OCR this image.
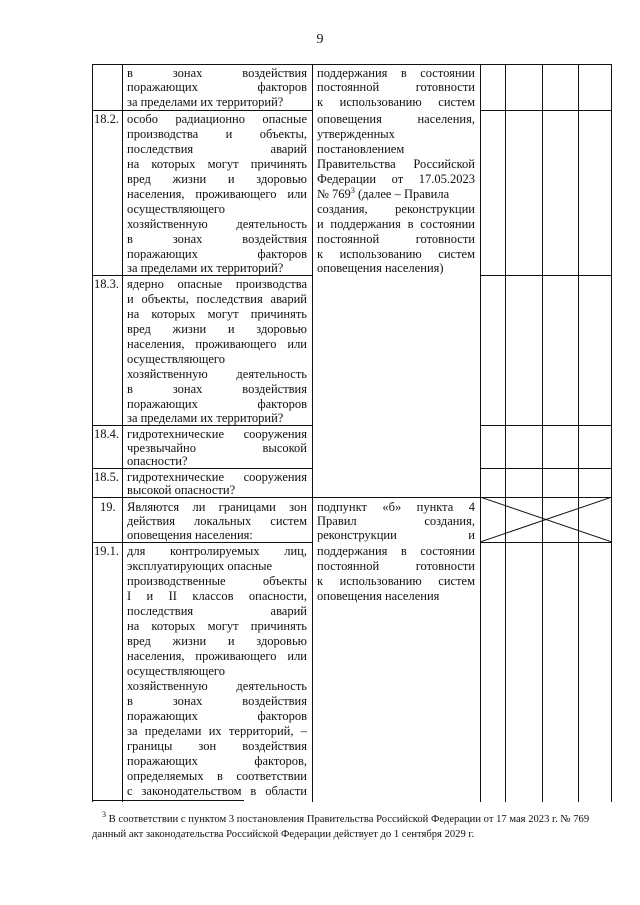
9
в зонах воздействия
поражающих факторов
за пределами их территорий?
поддержания в состоянии
постоянной готовности
к использованию систем
18.2. особо радиационно опасные
производства и объекты,
последствия аварий
на которых могут причинять
вред жизни и здоровью
населения, проживающего или
осуществляющего
хозяйственную деятельность
в зонах воздействия
поражающих факторов
за пределами их территорий?
оповещения населения,
утвержденных
постановлением
Правительства Российской
Федерации от 17.05.2023
№ $769^3$ (далее – Правила
создания, реконструкции
и поддержания в состоянии
постоянной готовности
к использованию систем
оповещения населения)
18.3. ядерно опасные производства
и объекты, последствия аварий
на которых могут причинять
вред жизни и здоровью
населения, проживающего или
осуществляющего
хозяйственную деятельность
в зонах воздействия
поражающих факторов
за пределами их территорий?
18.4. гидротехнические сооружения
чрезвычайно высокой
опасности?
18.5. гидротехнические сооружения
высокой опасности?
19. Являются ли границами зон
действия локальных систем
оповещения населения:
подпункт «б» пункта 4
Правил создания,
реконструкции и
19.1. для контролируемых лиц,
эксплуатирующих опасные
производственные объекты
I и II классов опасности,
последствия аварий
на которых могут причинять
вред жизни и здоровью
населения, проживающего или
осуществляющего
хозяйственную деятельность
в зонах воздействия
поражающих факторов
за пределами их территорий, –
границы зон воздействия
поражающих факторов,
определяемых в соответствии
с законодательством в области
поддержания в состоянии
постоянной готовности
к использованию систем
оповещения населения
$^3$ В соответствии с пунктом 3 постановления Правительства Российской Федерации от 17 мая 2023 г. № 769 данный акт законодательства Российской Федерации действует до 1 сентября 2029 г.
